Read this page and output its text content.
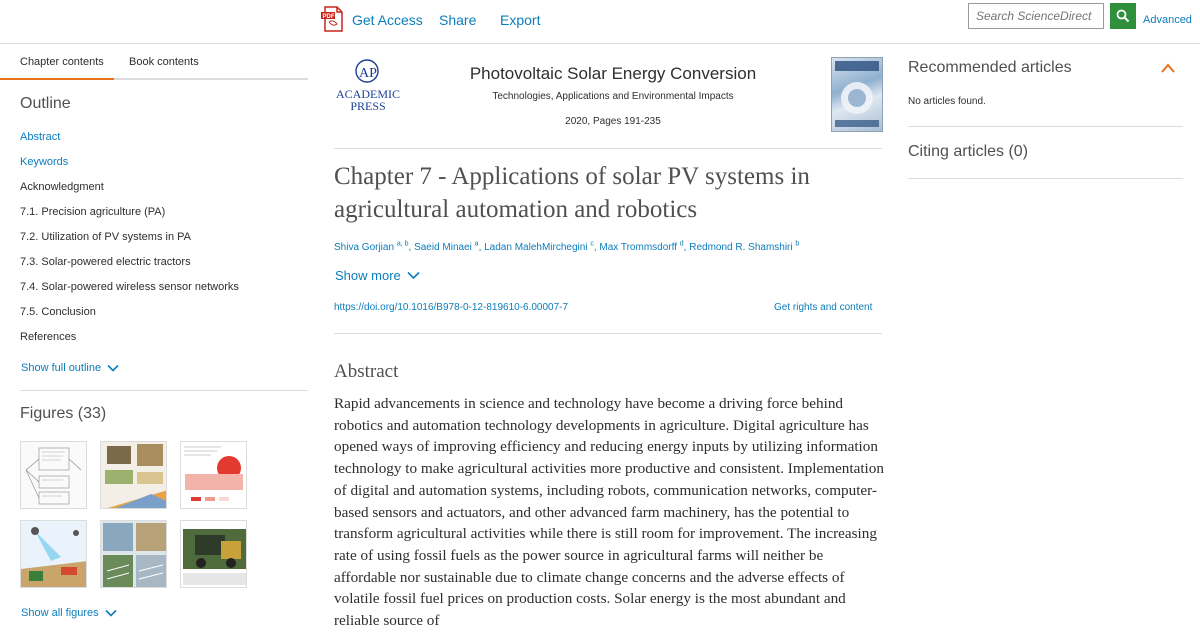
PDF Get Access Share Export
Search ScienceDirect	Advanced
Chapter contents Book contents
Outline
Abstract
Keywords
Acknowledgment
7.1. Precision agriculture (PA)
7.2. Utilization of PV systems in PA
7.3. Solar-powered electric tractors
7.4. Solar-powered wireless sensor networks
7.5. Conclusion
References
Show full outline
Figures (33)
Show all figures
AP
ACADEMIC
PRESS
Photovoltaic Solar Energy Conversion
Technologies, Applications and Environmental Impacts
2020, Pages 191-235
Chapter 7 - Applications of solar PV systems in agricultural automation and robotics
Shiva Gorjian $^{a, b}$, Saeid Minaei $^a$, Ladan MalehMirchegini $^c$, Max Trommsdorff $^d$, Redmond R. Shamshiri $^b$
Show more
https://doi.org/10.1016/B978-0-12-819610-6.00007-7	Get rights and content
Abstract

Rapid advancements in science and technology have become a driving force behind robotics and automation technology developments in agriculture. Digital agriculture has opened ways of improving efficiency and reducing energy inputs by utilizing information technology to make agricultural activities more productive and consistent. Implementation of digital and automation systems, including robots, communication networks, computer-based sensors and actuators, and other advanced farm machinery, has the potential to transform agricultural activities while there is still room for improvement. The increasing rate of using fossil fuels as the power source in agricultural farms will neither be affordable nor sustainable due to climate change concerns and the adverse effects of volatile fossil fuel prices on production costs. Solar energy is the most abundant and reliable source of

Recommended articles
No articles found.
Citing articles (0)
